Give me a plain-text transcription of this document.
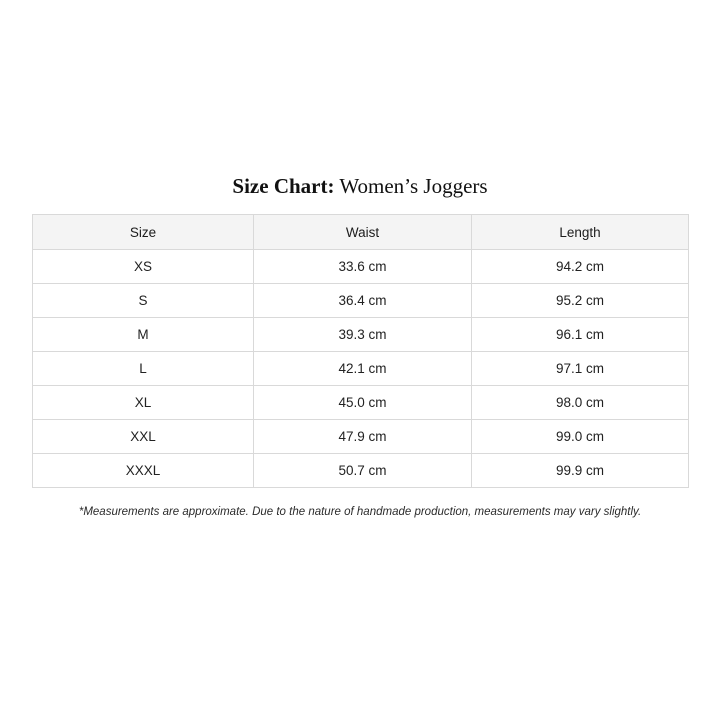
Size Chart: Women’s Joggers
Size	Waist	Length
XS	33.6 cm	94.2 cm
S	36.4 cm	95.2 cm
M	39.3 cm	96.1 cm
L	42.1 cm	97.1 cm
XL	45.0 cm	98.0 cm
XXL	47.9 cm	99.0 cm
XXXL	50.7 cm	99.9 cm
*Measurements are approximate. Due to the nature of handmade production, measurements may vary slightly.
